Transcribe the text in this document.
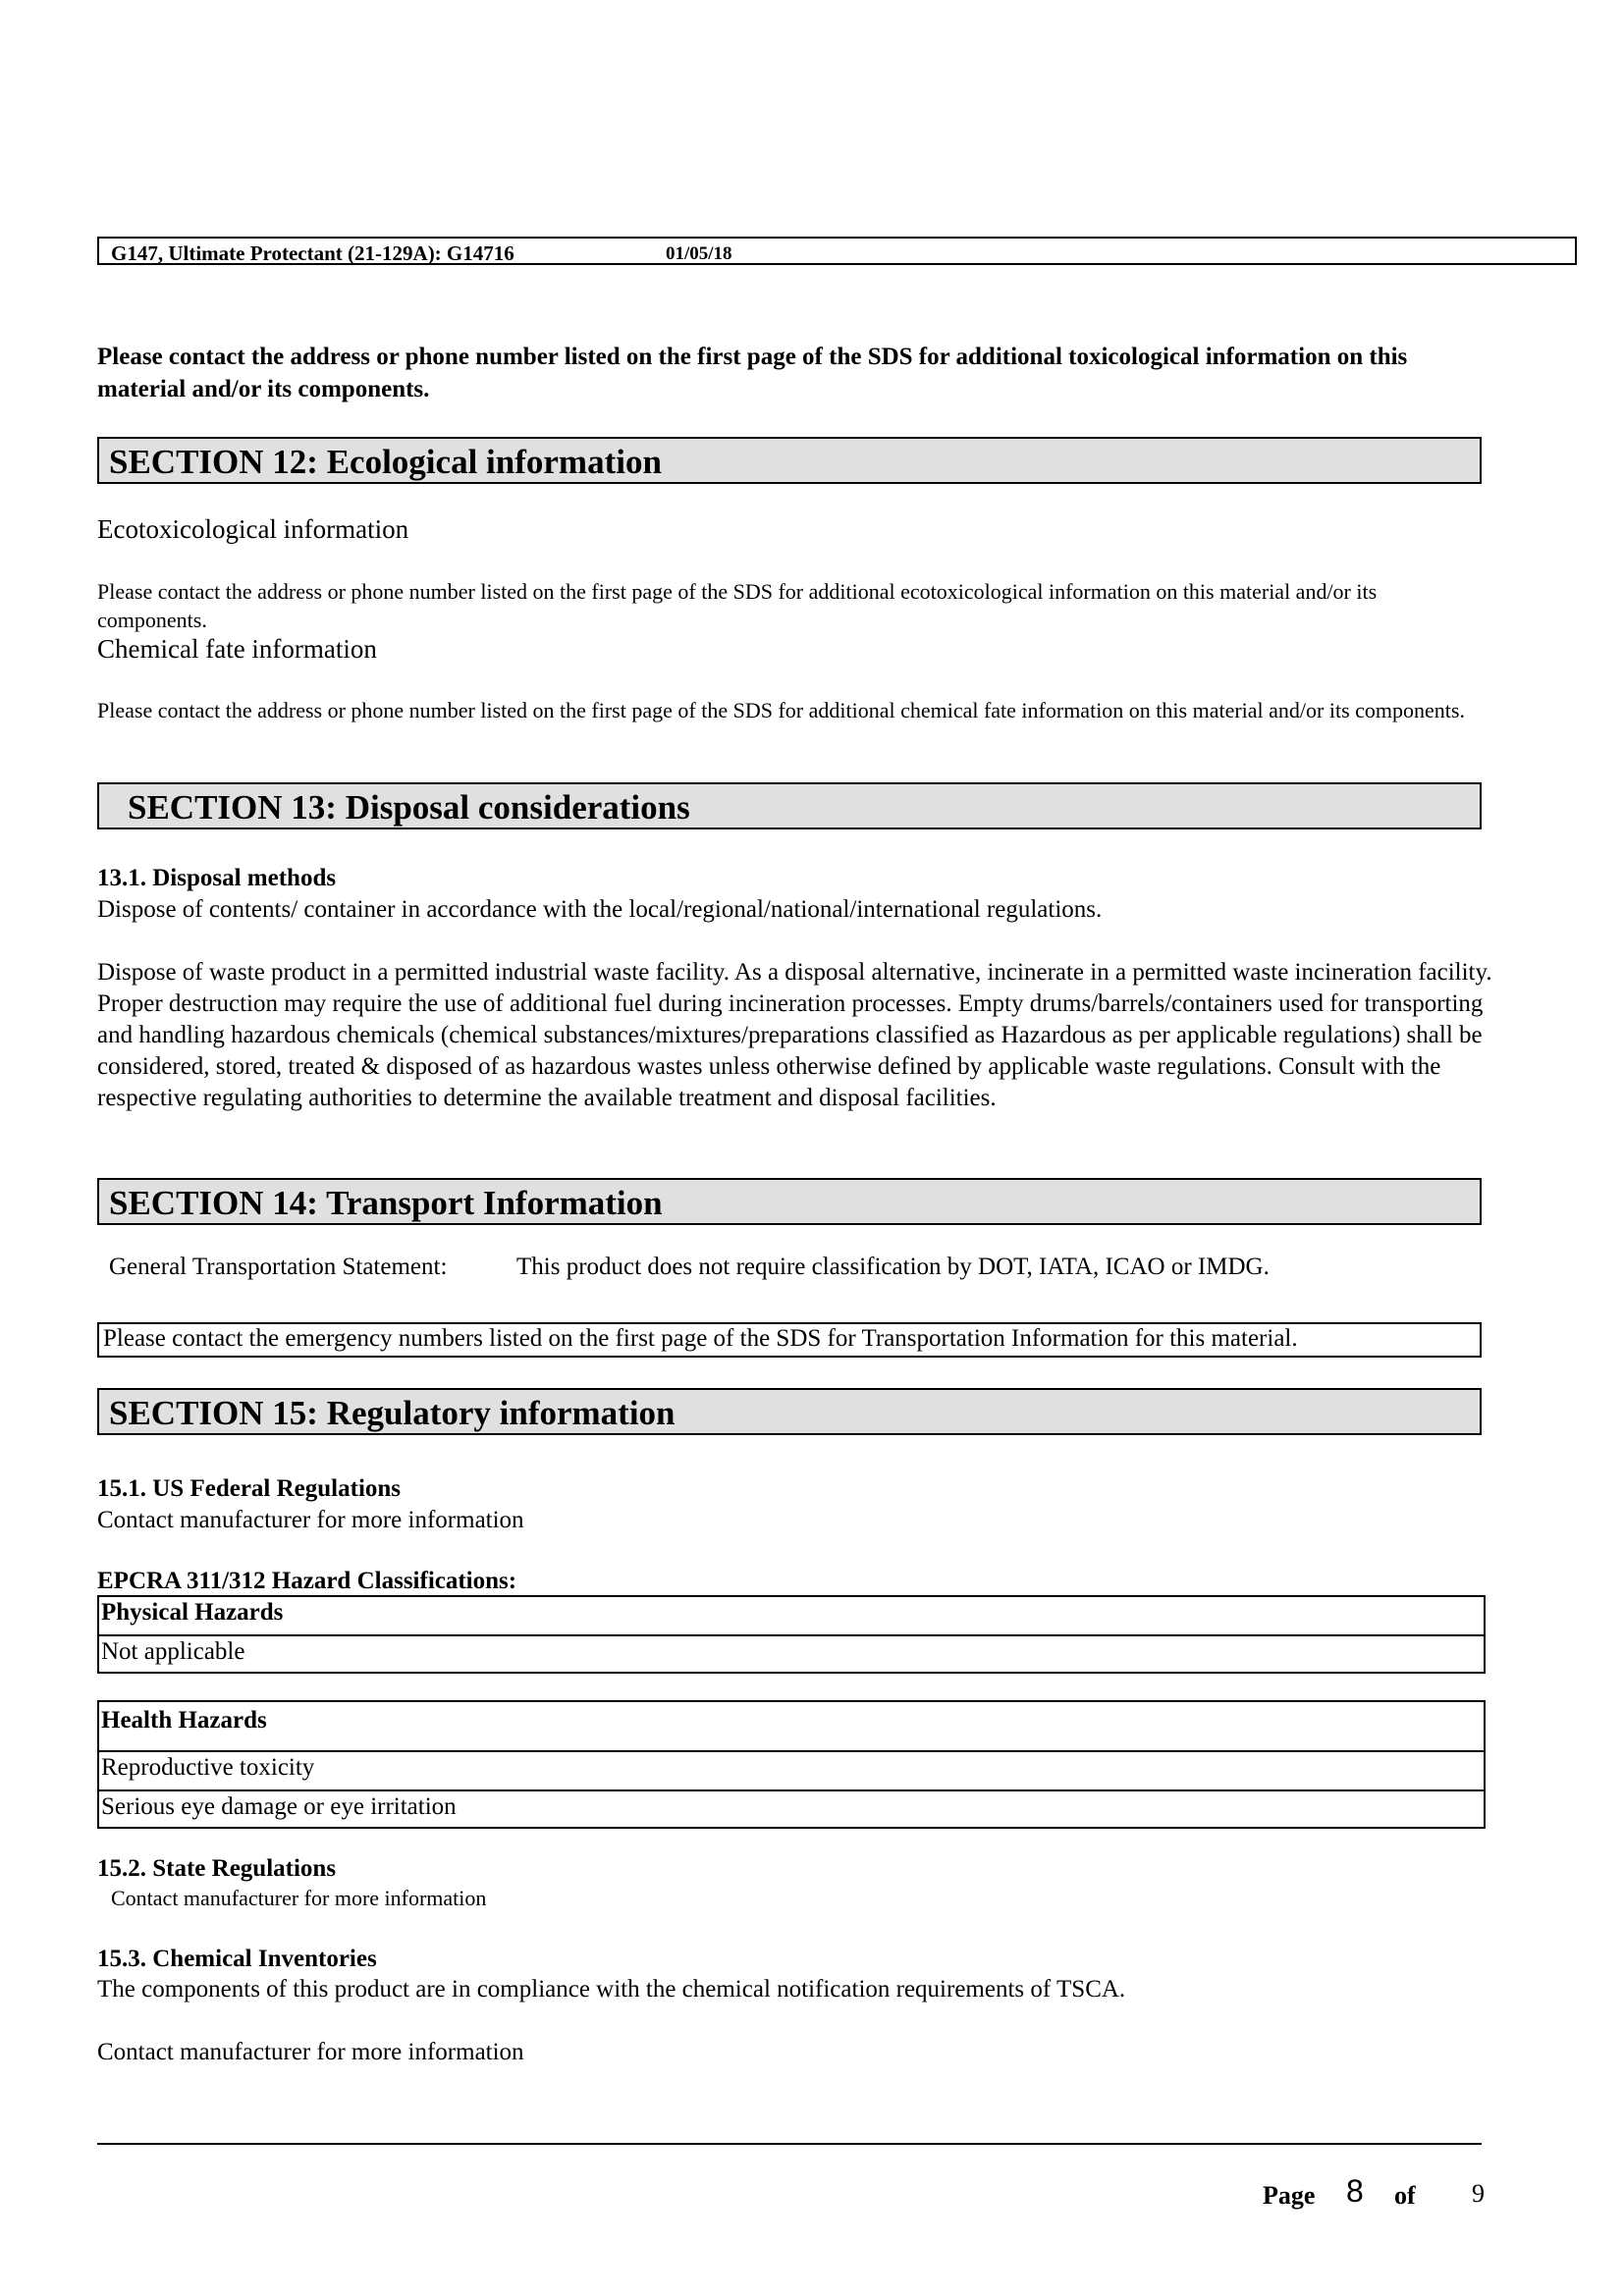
G147, Ultimate Protectant (21-129A): G14716	01/05/18
Please contact the address or phone number listed on the first page of the SDS for additional toxicological information on this material and/or its components.
SECTION 12: Ecological information
Ecotoxicological information
Please contact the address or phone number listed on the first page of the SDS for additional ecotoxicological information on this material and/or its components.
Chemical fate information
Please contact the address or phone number listed on the first page of the SDS for additional chemical fate information on this material and/or its components.
SECTION 13: Disposal considerations
13.1. Disposal methods
Dispose of contents/ container in accordance with the local/regional/national/international regulations.
Dispose of waste product in a permitted industrial waste facility. As a disposal alternative, incinerate in a permitted waste incineration facility. Proper destruction may require the use of additional fuel during incineration processes. Empty drums/barrels/containers used for transporting and handling hazardous chemicals (chemical substances/mixtures/preparations classified as Hazardous as per applicable regulations) shall be considered, stored, treated & disposed of as hazardous wastes unless otherwise defined by applicable waste regulations. Consult with the respective regulating authorities to determine the available treatment and disposal facilities.
SECTION 14: Transport Information
General Transportation Statement:	This product does not require classification by DOT, IATA, ICAO or IMDG.
Please contact the emergency numbers listed on the first page of the SDS for Transportation Information for this material.
SECTION 15: Regulatory information
15.1. US Federal Regulations
Contact manufacturer for more information
EPCRA 311/312 Hazard Classifications:
Physical Hazards
Not applicable
Health Hazards
Reproductive toxicity
Serious eye damage or eye irritation
15.2. State Regulations
Contact manufacturer for more information
15.3. Chemical Inventories
The components of this product are in compliance with the chemical notification requirements of TSCA.
Contact manufacturer for more information
Page 8 of 9
